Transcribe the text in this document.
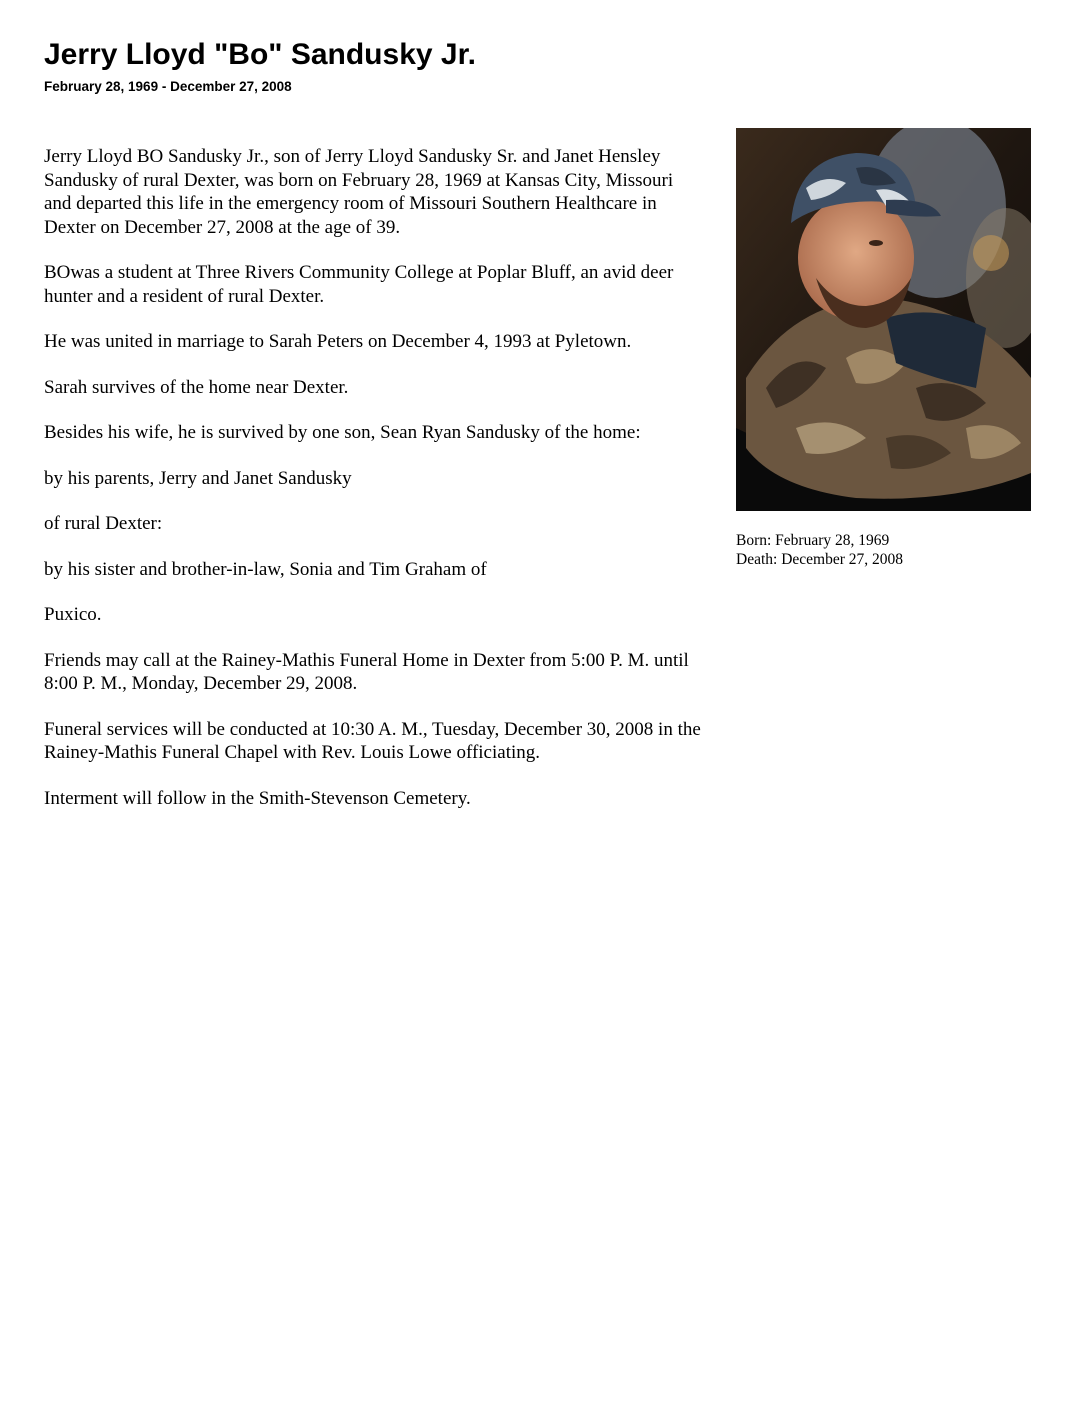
Jerry Lloyd "Bo" Sandusky Jr.
February 28, 1969 - December 27, 2008

Jerry Lloyd BO Sandusky Jr., son of Jerry Lloyd Sandusky Sr. and Janet Hensley Sandusky of rural Dexter, was born on February 28, 1969 at Kansas City, Missouri and departed this life in the emergency room of Missouri Southern Healthcare in Dexter on December 27, 2008 at the age of 39.

BOwas a student at Three Rivers Community College at Poplar Bluff, an avid deer hunter and a resident of rural Dexter.

He was united in marriage to Sarah Peters on December 4, 1993 at Pyletown.

Sarah survives of the home near Dexter.

Besides his wife, he is survived by one son, Sean Ryan Sandusky of the home:

by his parents, Jerry and Janet Sandusky

of rural Dexter:

by his sister and brother-in-law, Sonia and Tim Graham of

Puxico.

Friends may call at the Rainey-Mathis Funeral Home in Dexter from 5:00 P. M. until 8:00 P. M., Monday, December 29, 2008.

Funeral services will be conducted at 10:30 A. M., Tuesday, December 30, 2008 in the Rainey-Mathis Funeral Chapel with Rev. Louis Lowe officiating.

Interment will follow in the Smith-Stevenson Cemetery.

Born: February 28, 1969
Death: December 27, 2008
